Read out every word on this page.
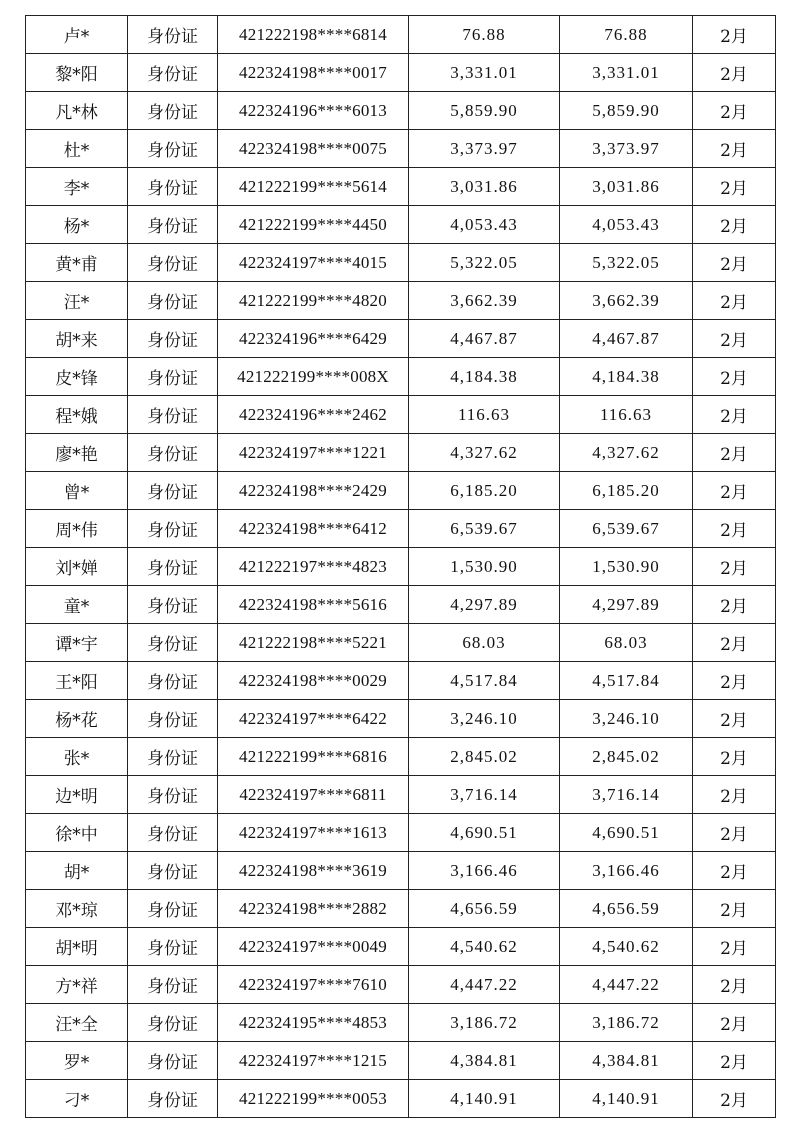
卢*	身份证	421222198****6814	76.88	76.88	2月
黎*阳	身份证	422324198****0017	3,331.01	3,331.01	2月
凡*林	身份证	422324196****6013	5,859.90	5,859.90	2月
杜*	身份证	422324198****0075	3,373.97	3,373.97	2月
李*	身份证	421222199****5614	3,031.86	3,031.86	2月
杨*	身份证	421222199****4450	4,053.43	4,053.43	2月
黄*甫	身份证	422324197****4015	5,322.05	5,322.05	2月
汪*	身份证	421222199****4820	3,662.39	3,662.39	2月
胡*来	身份证	422324196****6429	4,467.87	4,467.87	2月
皮*锋	身份证	421222199****008X	4,184.38	4,184.38	2月
程*娥	身份证	422324196****2462	116.63	116.63	2月
廖*艳	身份证	422324197****1221	4,327.62	4,327.62	2月
曾*	身份证	422324198****2429	6,185.20	6,185.20	2月
周*伟	身份证	422324198****6412	6,539.67	6,539.67	2月
刘*婵	身份证	421222197****4823	1,530.90	1,530.90	2月
童*	身份证	422324198****5616	4,297.89	4,297.89	2月
谭*宇	身份证	421222198****5221	68.03	68.03	2月
王*阳	身份证	422324198****0029	4,517.84	4,517.84	2月
杨*花	身份证	422324197****6422	3,246.10	3,246.10	2月
张*	身份证	421222199****6816	2,845.02	2,845.02	2月
边*明	身份证	422324197****6811	3,716.14	3,716.14	2月
徐*中	身份证	422324197****1613	4,690.51	4,690.51	2月
胡*	身份证	422324198****3619	3,166.46	3,166.46	2月
邓*琼	身份证	422324198****2882	4,656.59	4,656.59	2月
胡*明	身份证	422324197****0049	4,540.62	4,540.62	2月
方*祥	身份证	422324197****7610	4,447.22	4,447.22	2月
汪*全	身份证	422324195****4853	3,186.72	3,186.72	2月
罗*	身份证	422324197****1215	4,384.81	4,384.81	2月
刁*	身份证	421222199****0053	4,140.91	4,140.91	2月
